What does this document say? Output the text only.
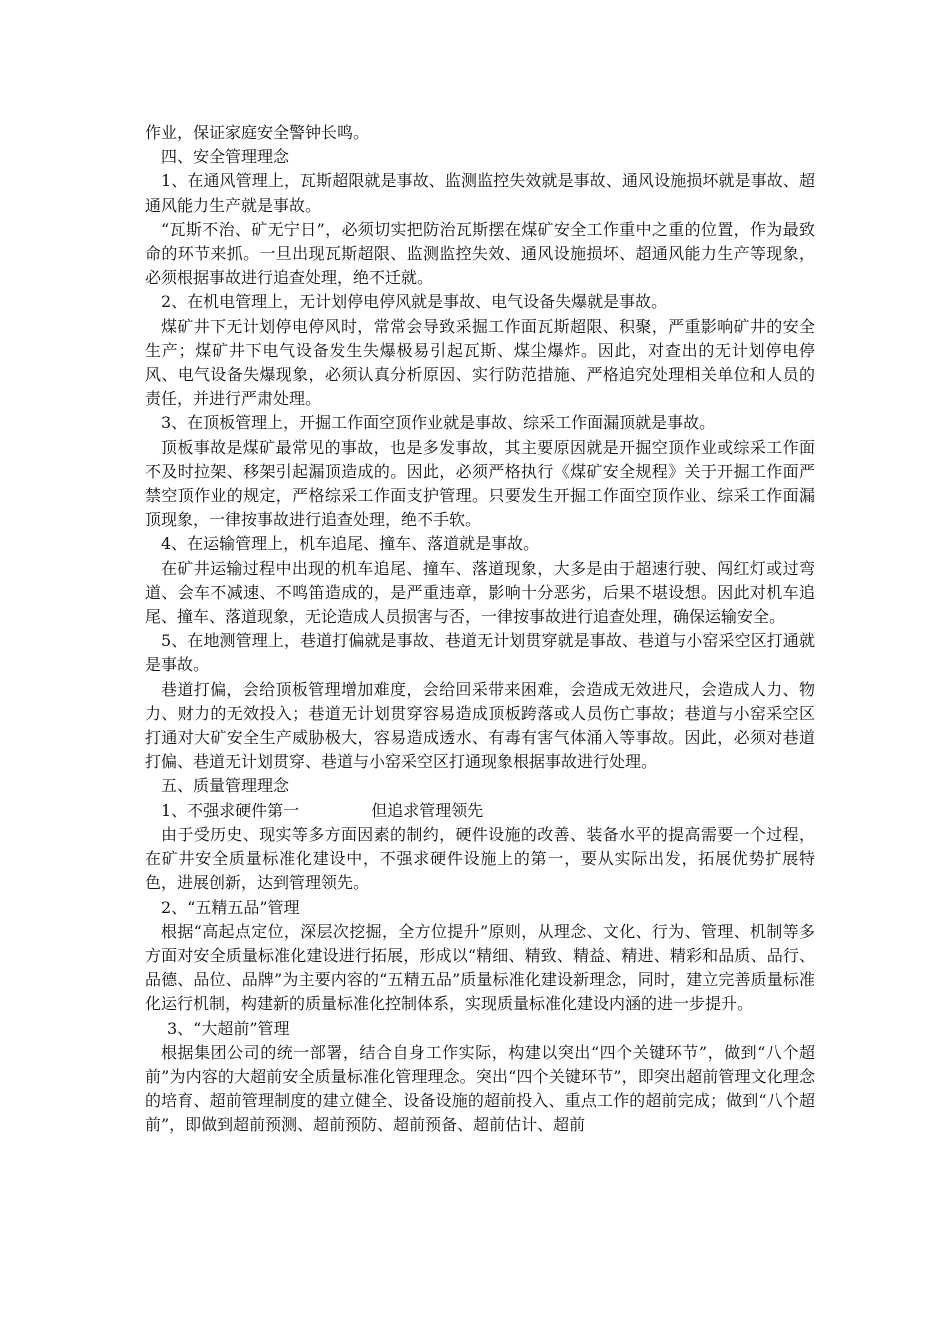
作业，保证家庭安全警钟长鸣。

四、安全管理理念

1、在通风管理上，瓦斯超限就是事故、监测监控失效就是事故、通风设施损坏就是事故、超通风能力生产就是事故。

“瓦斯不治、矿无宁日”，必须切实把防治瓦斯摆在煤矿安全工作重中之重的位置，作为最致命的环节来抓。一旦出现瓦斯超限、监测监控失效、通风设施损坏、超通风能力生产等现象，必须根据事故进行追查处理，绝不迁就。

2、在机电管理上，无计划停电停风就是事故、电气设备失爆就是事故。

煤矿井下无计划停电停风时，常常会导致采掘工作面瓦斯超限、积聚，严重影响矿井的安全生产；煤矿井下电气设备发生失爆极易引起瓦斯、煤尘爆炸。因此，对查出的无计划停电停风、电气设备失爆现象，必须认真分析原因、实行防范措施、严格追究处理相关单位和人员的责任，并进行严肃处理。

3、在顶板管理上，开掘工作面空顶作业就是事故、综采工作面漏顶就是事故。

顶板事故是煤矿最常见的事故，也是多发事故，其主要原因就是开掘空顶作业或综采工作面不及时拉架、移架引起漏顶造成的。因此，必须严格执行《煤矿安全规程》关于开掘工作面严禁空顶作业的规定，严格综采工作面支护管理。只要发生开掘工作面空顶作业、综采工作面漏顶现象，一律按事故进行追查处理，绝不手软。

4、在运输管理上，机车追尾、撞车、落道就是事故。

在矿井运输过程中出现的机车追尾、撞车、落道现象，大多是由于超速行驶、闯红灯或过弯道、会车不减速、不鸣笛造成的，是严重违章，影响十分恶劣，后果不堪设想。因此对机车追尾、撞车、落道现象，无论造成人员损害与否，一律按事故进行追查处理，确保运输安全。

5、在地测管理上，巷道打偏就是事故、巷道无计划贯穿就是事故、巷道与小窑采空区打通就是事故。

巷道打偏，会给顶板管理增加难度，会给回采带来困难，会造成无效进尺，会造成人力、物力、财力的无效投入；巷道无计划贯穿容易造成顶板跨落或人员伤亡事故；巷道与小窑采空区打通对大矿安全生产威胁极大，容易造成透水、有毒有害气体涌入等事故。因此，必须对巷道打偏、巷道无计划贯穿、巷道与小窑采空区打通现象根据事故进行处理。

五、质量管理理念

1、不强求硬件第一	但追求管理领先

由于受历史、现实等多方面因素的制约，硬件设施的改善、装备水平的提高需要一个过程，在矿井安全质量标准化建设中，不强求硬件设施上的第一，要从实际出发，拓展优势扩展特色，进展创新，达到管理领先。

2、“五精五品”管理

根据“高起点定位，深层次挖掘，全方位提升”原则，从理念、文化、行为、管理、机制等多方面对安全质量标准化建设进行拓展，形成以“精细、精致、精益、精进、精彩和品质、品行、品德、品位、品牌”为主要内容的“五精五品”质量标准化建设新理念，同时，建立完善质量标准化运行机制，构建新的质量标准化控制体系，实现质量标准化建设内涵的进一步提升。

3、“大超前”管理

根据集团公司的统一部署，结合自身工作实际，构建以突出“四个关键环节”，做到“八个超前”为内容的大超前安全质量标准化管理理念。突出“四个关键环节”，即突出超前管理文化理念的培育、超前管理制度的建立健全、设备设施的超前投入、重点工作的超前完成；做到“八个超前”，即做到超前预测、超前预防、超前预备、超前估计、超前
